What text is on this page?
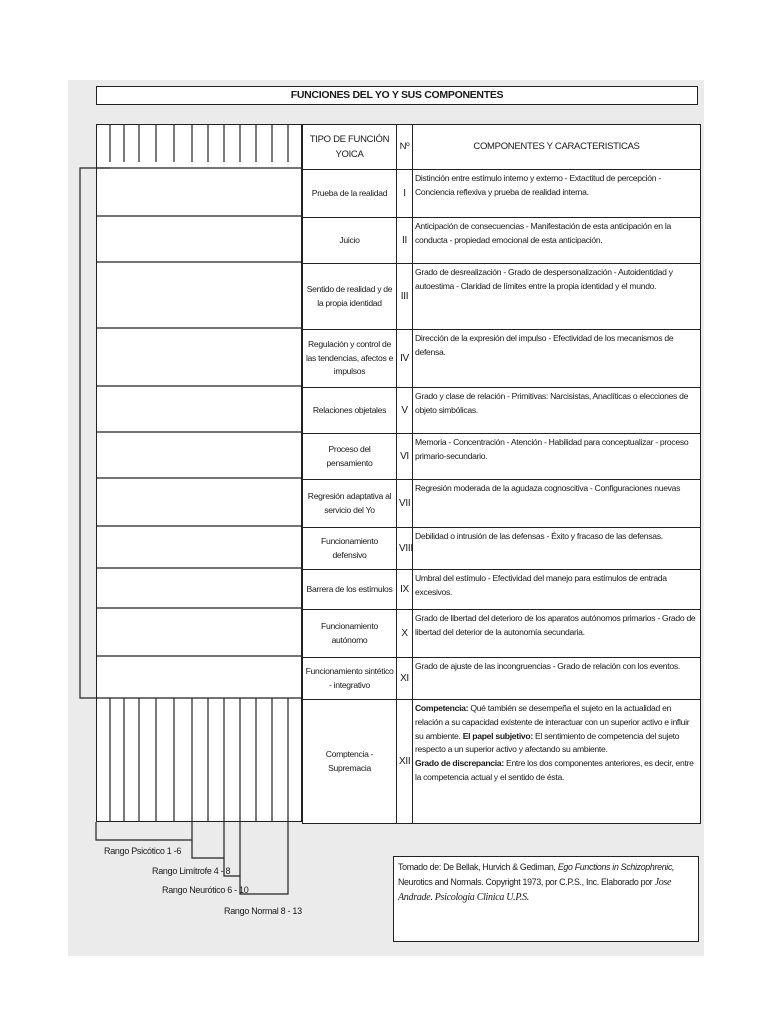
FUNCIONES DEL YO Y SUS COMPONENTES
TIPO DE FUNCIÓN YOICA	Nº	COMPONENTES Y CARACTERISTICAS
Prueba de la realidad	I	Distinción entre estímulo interno y externo - Extactitud de percepción - Conciencia reflexiva y prueba de realidad interna.
Juicio	II	Anticipación de consecuencias - Manifestación de esta anticipación en la conducta - propiedad emocional de esta anticipación.
Sentido de realidad y de la propia identidad	III	Grado de desrealización - Grado de despersonalización - Autoidentidad y autoestima - Claridad de límites entre la propia identidad y el mundo.
Regulación y control de las tendencias, afectos e impulsos	IV	Dirección de la expresión del impulso - Efectividad de los mecanismos de defensa.
Relaciones objetales	V	Grado y clase de relación - Primitivas: Narcisistas, Anaclíticas o elecciones de objeto simbólicas.
Proceso del pensamiento	VI	Memoria - Concentración - Atención - Habilidad para conceptualizar - proceso primario-secundario.
Regresión adaptativa al servicio del Yo	VII	Regresión moderada de la agudaza cognoscitiva - Configuraciones nuevas
Funcionamiento defensivo	VIII	Debilidad o intrusión de las defensas - Éxito y fracaso de las defensas.
Barrera de los estímulos	IX	Umbral del estímulo - Efectividad del manejo para estímulos de entrada excesivos.
Funcionamiento autónomo	X	Grado de libertad del deterioro de los aparatos autónomos primarios - Grado de libertad del deterior de la autonomía secundaria.
Funcionamiento sintético - integrativo	XI	Grado de ajuste de las incongruencias - Grado de relación con los eventos.
Comptencia - Supremacia	XII	Competencia: Qué también se desempeña el sujeto en la actualidad en relación a su capacidad existente de interactuar con un superior activo e influir su ambiente. El papel subjetivo: El sentimiento de competencia del sujeto respecto a un superior activo y afectando su ambiente.
Grado de discrepancia: Entre los dos componentes anteriores, es decir, entre la competencia actual y el sentido de ésta.
Rango Psicótico 1 -6
Rango Limítrofe 4 - 8
Rango Neurótico 6 - 10
Rango Normal 8 - 13
Tomado de: De Bellak, Hurvich & Gediman, Ego Functions in Schizophrenic, Neurotics and Normals. Copyright 1973, por C.P.S., Inc. Elaborado por Jose Andrade. Psicologia Clinica U.P.S.
